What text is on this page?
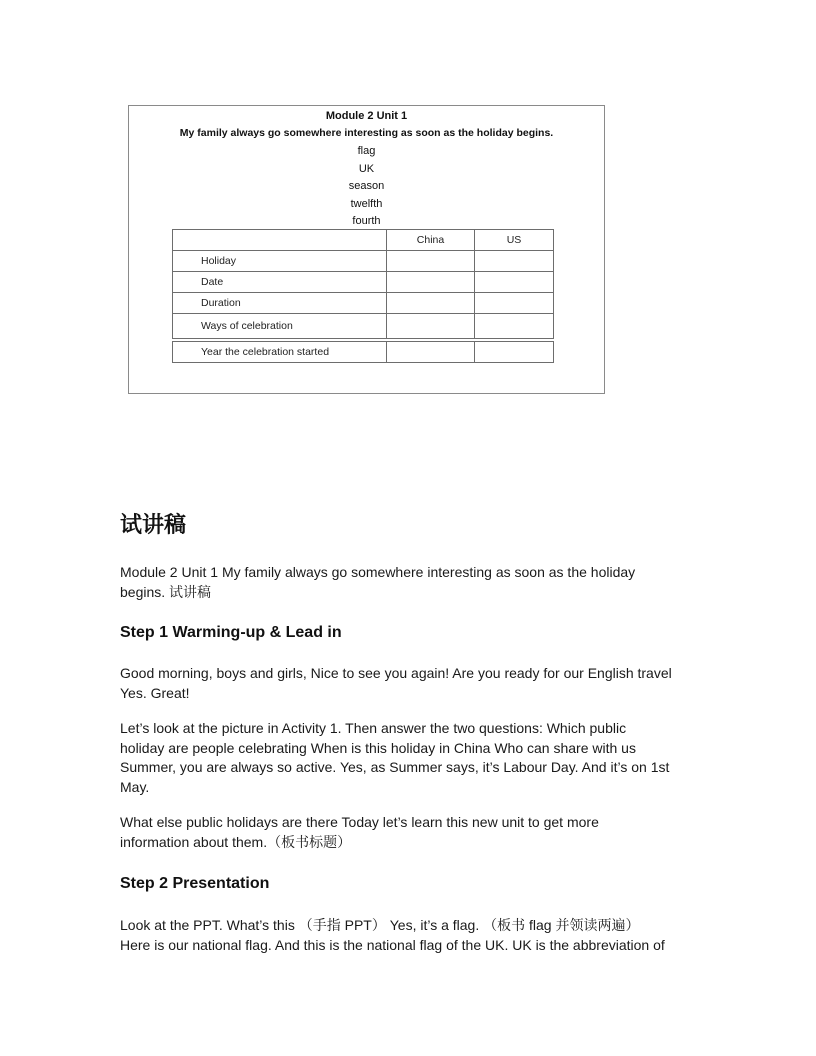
Module 2 Unit 1
My family always go somewhere interesting as soon as the holiday begins.
flag
UK
season
twelfth
fourth
	China	US
Holiday		
Date		
Duration		
Ways of celebration		

Year the celebration started		
试讲稿
Module 2 Unit 1 My family always go somewhere interesting as soon as the holiday
begins. 试讲稿
Step 1 Warming-up & Lead in
Good morning, boys and girls, Nice to see you again! Are you ready for our English travel
Yes. Great!
Let’s look at the picture in Activity 1. Then answer the two questions: Which public
holiday are people celebrating When is this holiday in China Who can share with us
Summer, you are always so active. Yes, as Summer says, it’s Labour Day. And it’s on 1st
May.
What else public holidays are there Today let’s learn this new unit to get more
information about them.（板书标题）
Step 2 Presentation
Look at the PPT. What’s this （手指 PPT） Yes, it’s a flag. （板书 flag 并领读两遍）
Here is our national flag. And this is the national flag of the UK. UK is the abbreviation of
